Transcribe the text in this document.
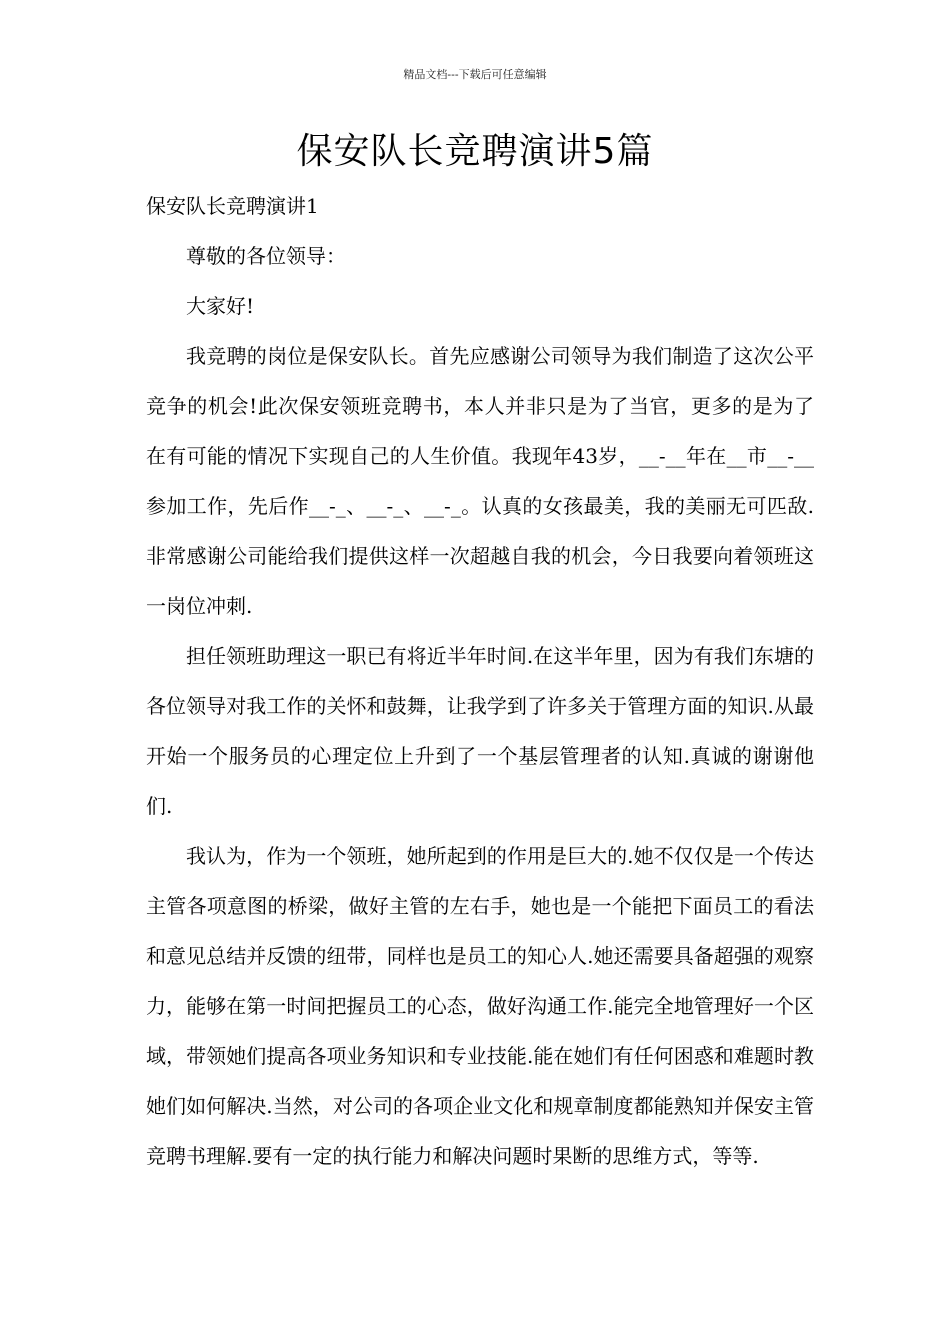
精品文档---下载后可任意编辑
保安队长竞聘演讲5篇

保安队长竞聘演讲1

尊敬的各位领导：

大家好!

我竞聘的岗位是保安队长。首先应感谢公司领导为我们制造了这次公平竞争的机会!此次保安领班竞聘书，本人并非只是为了当官，更多的是为了在有可能的情况下实现自己的人生价值。我现年43岁，__-__年在__市__-__参加工作，先后作__-_、__-_、__-_。认真的女孩最美，我的美丽无可匹敌.非常感谢公司能给我们提供这样一次超越自我的机会，今日我要向着领班这一岗位冲刺.

担任领班助理这一职已有将近半年时间.在这半年里，因为有我们东塘的各位领导对我工作的关怀和鼓舞，让我学到了许多关于管理方面的知识.从最开始一个服务员的心理定位上升到了一个基层管理者的认知.真诚的谢谢他们.

我认为，作为一个领班，她所起到的作用是巨大的.她不仅仅是一个传达主管各项意图的桥梁，做好主管的左右手，她也是一个能把下面员工的看法和意见总结并反馈的纽带，同样也是员工的知心人.她还需要具备超强的观察力，能够在第一时间把握员工的心态，做好沟通工作.能完全地管理好一个区域，带领她们提高各项业务知识和专业技能.能在她们有任何困惑和难题时教她们如何解决.当然，对公司的各项企业文化和规章制度都能熟知并保安主管竞聘书理解.要有一定的执行能力和解决问题时果断的思维方式，等等.
